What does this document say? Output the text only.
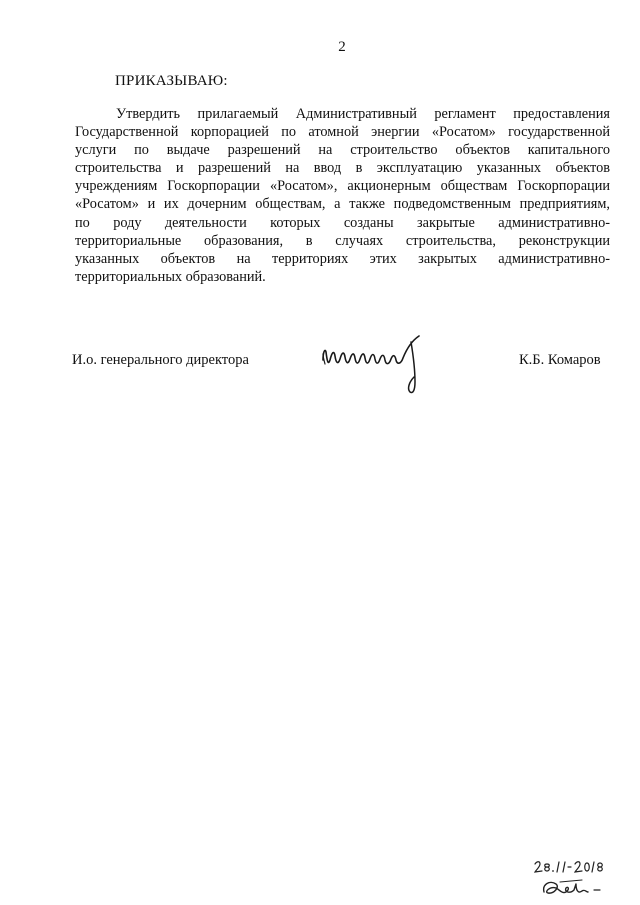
2
ПРИКАЗЫВАЮ:
Утвердить прилагаемый Административный регламент предоставления
Государственной корпорацией по атомной энергии «Росатом» государственной
услуги по выдаче разрешений на строительство объектов капитального
строительства и разрешений на ввод в эксплуатацию указанных объектов
учреждениям Госкорпорации «Росатом», акционерным обществам Госкорпорации
«Росатом» и их дочерним обществам, а также подведомственным предприятиям,
по роду деятельности которых созданы закрытые административно-
территориальные образования, в случаях строительства, реконструкции
указанных объектов на территориях этих закрытых административно-
территориальных образований.
И.о. генерального директора	К.Б. Комаров
